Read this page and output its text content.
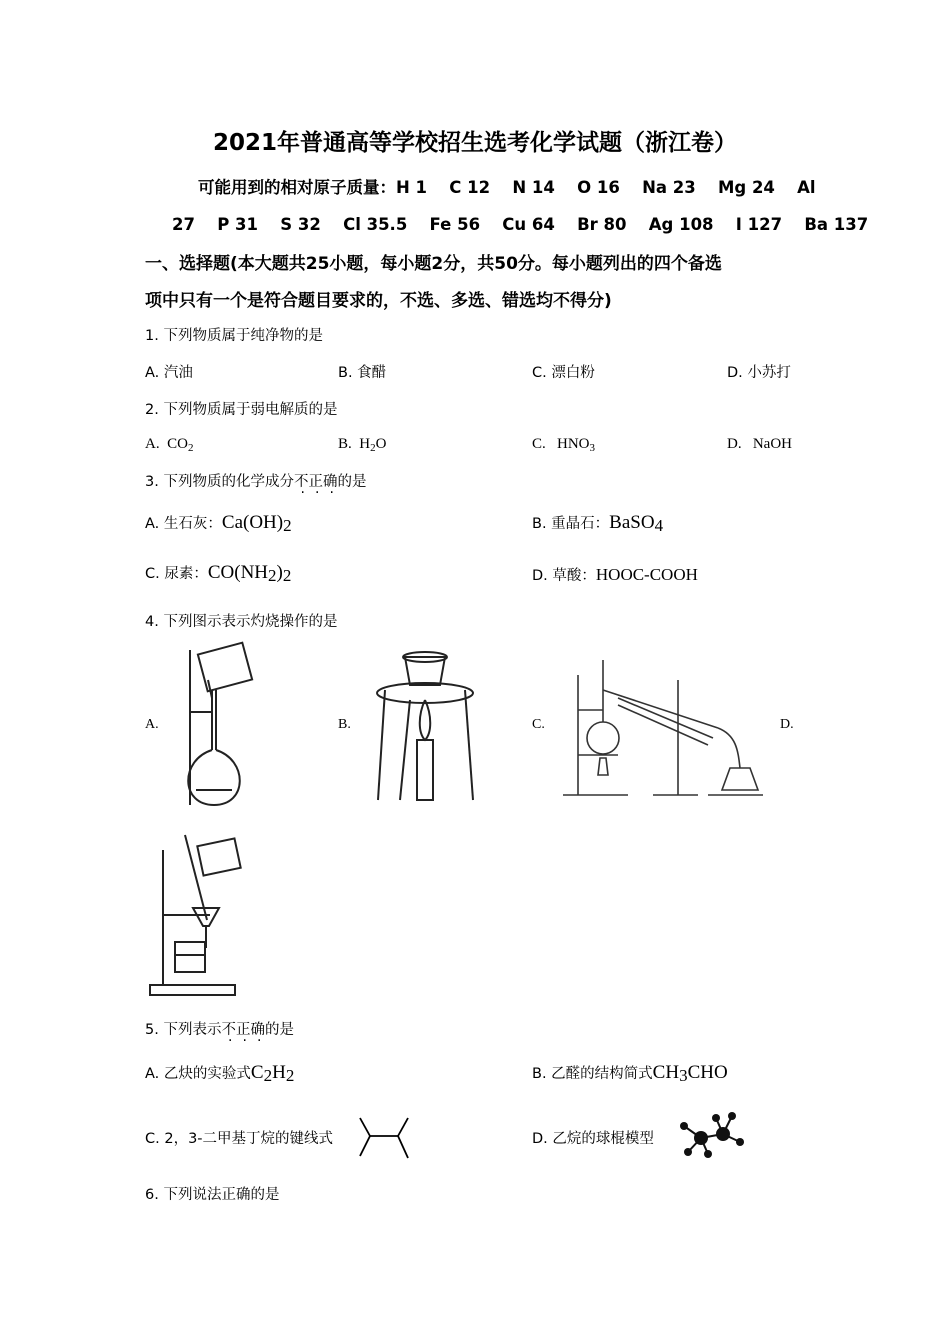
2021年普通高等学校招生选考化学试题（浙江卷）
可能用到的相对原子质量：H 1　 C 12　 N 14　 O 16　 Na 23　 Mg 24　 Al
27　 P 31　 S 32　 Cl 35.5　 Fe 56　 Cu 64　 Br 80　 Ag 108　 I 127　 Ba 137
一、选择题(本大题共25小题，每小题2分，共50分。每小题列出的四个备选
项中只有一个是符合题目要求的，不选、多选、错选均不得分)
1. 下列物质属于纯净物的是
A. 汽油	B. 食醋	C. 漂白粉	D. 小苏打
2. 下列物质属于弱电解质的是
A. $CO_2$	B. $H_2O$	C. $HNO_3$	D. NaOH
3. 下列物质的化学成分不正确的是
A. 生石灰：$Ca(OH)_2$	B. 重晶石：BaSO$_4$
C. 尿素：$CO(NH_2)_2$	D. 草酸：HOOC-COOH
4. 下列图示表示灼烧操作的是
A.	B.	C.	D.
5. 下列表示不正确的是
A. 乙炔的实验式$C_2H_2$	B. 乙醛的结构简式$CH_3CHO$
C. 2，3-二甲基丁烷的键线式	D. 乙烷的球棍模型
6. 下列说法正确的是
